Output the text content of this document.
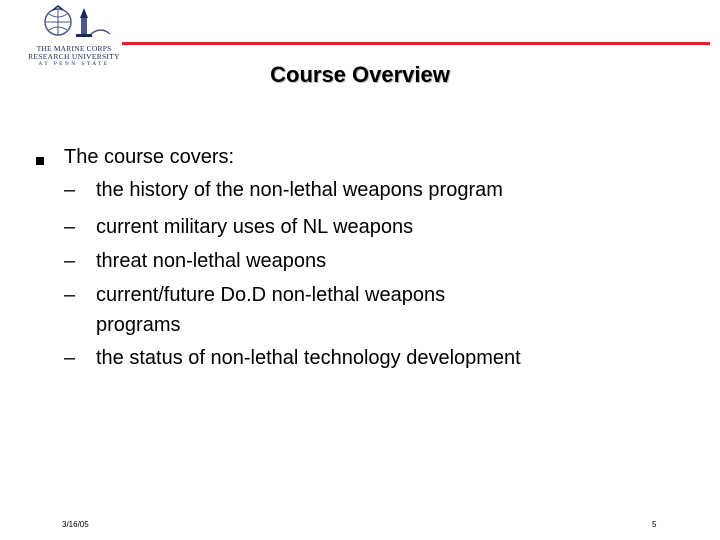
THE MARINE CORPS
RESEARCH UNIVERSITY
AT PENN STATE	Course Overview
The course covers:
– the history of the non-lethal weapons program
– current military uses of NL weapons
– threat non-lethal weapons
– current/future Do.D non-lethal weapons
programs
– the status of non-lethal technology development
3/16/05	5
